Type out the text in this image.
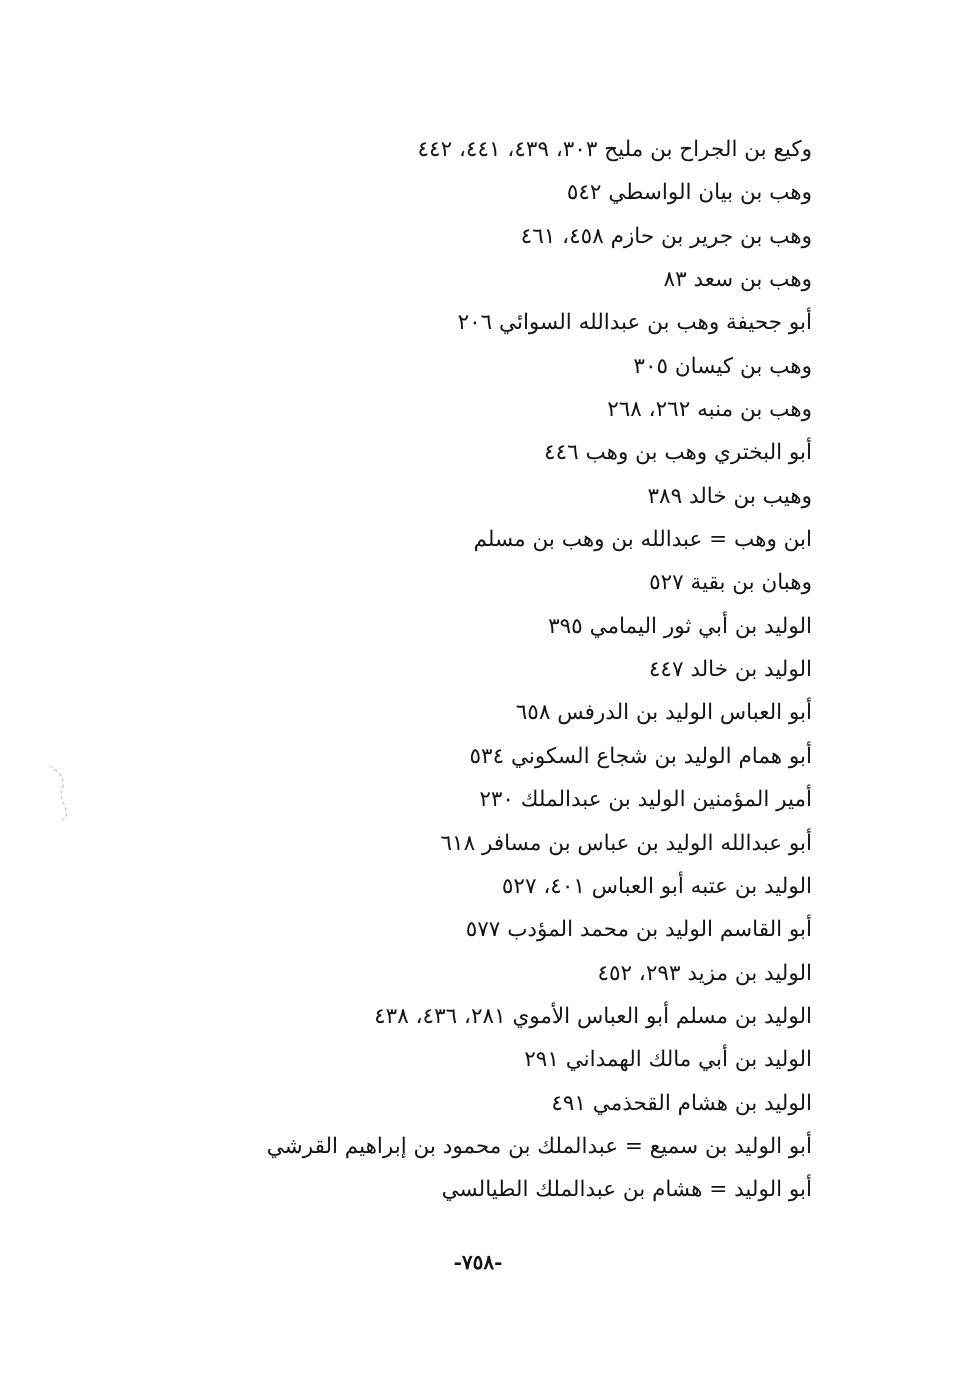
وكيع بن الجراح بن مليح ٣٠٣، ٤٣٩، ٤٤١، ٤٤٢
وهب بن بيان الواسطي ٥٤٢
وهب بن جرير بن حازم ٤٥٨، ٤٦١
وهب بن سعد ٨٣
أبو جحيفة وهب بن عبدالله السوائي ٢٠٦
وهب بن كيسان ٣٠٥
وهب بن منبه ٢٦٢، ٢٦٨
أبو البختري وهب بن وهب ٤٤٦
وهيب بن خالد ٣٨٩
ابن وهب = عبدالله بن وهب بن مسلم
وهبان بن بقية ٥٢٧
الوليد بن أبي ثور اليمامي ٣٩٥
الوليد بن خالد ٤٤٧
أبو العباس الوليد بن الدرفس ٦٥٨
أبو همام الوليد بن شجاع السكوني ٥٣٤
أمير المؤمنين الوليد بن عبدالملك ٢٣٠
أبو عبدالله الوليد بن عباس بن مسافر ٦١٨
الوليد بن عتبه أبو العباس ٤٠١، ٥٢٧
أبو القاسم الوليد بن محمد المؤدب ٥٧٧
الوليد بن مزيد ٢٩٣، ٤٥٢
الوليد بن مسلم أبو العباس الأموي ٢٨١، ٤٣٦، ٤٣٨
الوليد بن أبي مالك الهمداني ٢٩١
الوليد بن هشام القحذمي ٤٩١
أبو الوليد بن سميع = عبدالملك بن محمود بن إبراهيم القرشي
أبو الوليد = هشام بن عبدالملك الطيالسي
-٧٥٨-
